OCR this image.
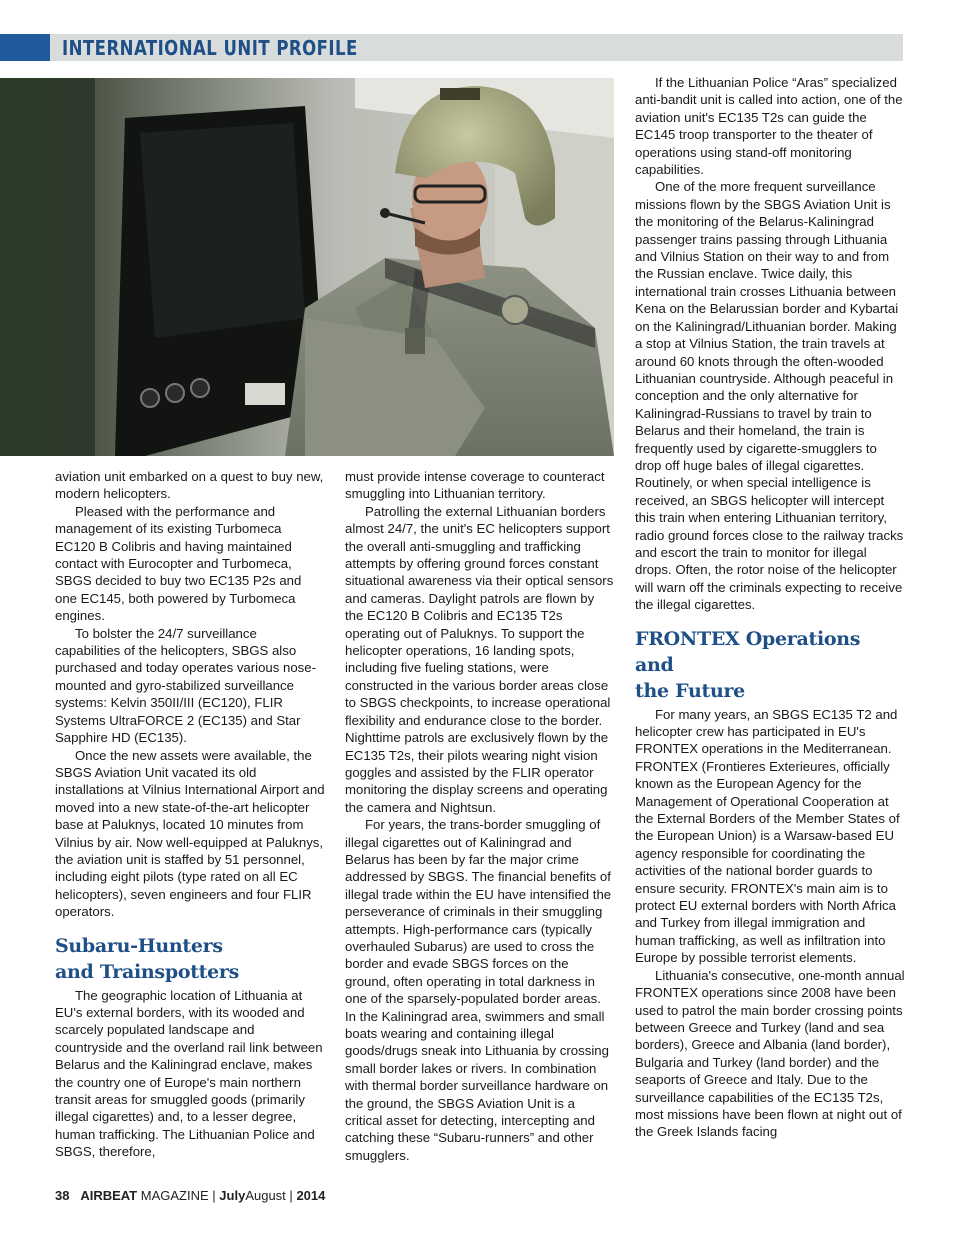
INTERNATIONAL UNIT PROFILE

aviation unit embarked on a quest to buy new, modern helicopters.

Pleased with the performance and management of its existing Turbomeca EC120 B Colibris and having maintained contact with Eurocopter and Turbomeca, SBGS decided to buy two EC135 P2s and one EC145, both powered by Turbomeca engines.

To bolster the 24/7 surveillance capabilities of the helicopters, SBGS also purchased and today operates various nose-mounted and gyro-stabilized surveillance systems: Kelvin 350II/III (EC120), FLIR Systems UltraFORCE 2 (EC135) and Star Sapphire HD (EC135).

Once the new assets were available, the SBGS Aviation Unit vacated its old installations at Vilnius International Airport and moved into a new state-of-the-art helicopter base at Paluknys, located 10 minutes from Vilnius by air. Now well-equipped at Paluknys, the aviation unit is staffed by 51 personnel, including eight pilots (type rated on all EC helicopters), seven engineers and four FLIR operators.

Subaru-Hunters
and Trainspotters

The geographic location of Lithuania at EU's external borders, with its wooded and scarcely populated landscape and countryside and the overland rail link between Belarus and the Kaliningrad enclave, makes the country one of Europe's main northern transit areas for smuggled goods (primarily illegal cigarettes) and, to a lesser degree, human trafficking. The Lithuanian Police and SBGS, therefore,

must provide intense coverage to counteract smuggling into Lithuanian territory.

Patrolling the external Lithuanian borders almost 24/7, the unit's EC helicopters support the overall anti-smuggling and trafficking attempts by offering ground forces constant situational awareness via their optical sensors and cameras. Daylight patrols are flown by the EC120 B Colibris and EC135 T2s operating out of Paluknys. To support the helicopter operations, 16 landing spots, including five fueling stations, were constructed in the various border areas close to SBGS checkpoints, to increase operational flexibility and endurance close to the border. Nighttime patrols are exclusively flown by the EC135 T2s, their pilots wearing night vision goggles and assisted by the FLIR operator monitoring the display screens and operating the camera and Nightsun.

For years, the trans-border smuggling of illegal cigarettes out of Kaliningrad and Belarus has been by far the major crime addressed by SBGS. The financial benefits of illegal trade within the EU have intensified the perseverance of criminals in their smuggling attempts. High-performance cars (typically overhauled Subarus) are used to cross the border and evade SBGS forces on the ground, often operating in total darkness in one of the sparsely-populated border areas. In the Kaliningrad area, swimmers and small boats wearing and containing illegal goods/drugs sneak into Lithuania by crossing small border lakes or rivers. In combination with thermal border surveillance hardware on the ground, the SBGS Aviation Unit is a critical asset for detecting, intercepting and catching these “Subaru-runners” and other smugglers.

If the Lithuanian Police “Aras” specialized anti-bandit unit is called into action, one of the aviation unit's EC135 T2s can guide the EC145 troop transporter to the theater of operations using stand-off monitoring capabilities.

One of the more frequent surveillance missions flown by the SBGS Aviation Unit is the monitoring of the Belarus-Kaliningrad passenger trains passing through Lithuania and Vilnius Station on their way to and from the Russian enclave. Twice daily, this international train crosses Lithuania between Kena on the Belarussian border and Kybartai on the Kaliningrad/Lithuanian border. Making a stop at Vilnius Station, the train travels at around 60 knots through the often-wooded Lithuanian countryside. Although peaceful in conception and the only alternative for Kaliningrad-Russians to travel by train to Belarus and their homeland, the train is frequently used by cigarette-smugglers to drop off huge bales of illegal cigarettes. Routinely, or when special intelligence is received, an SBGS helicopter will intercept this train when entering Lithuanian territory, radio ground forces close to the railway tracks and escort the train to monitor for illegal drops. Often, the rotor noise of the helicopter will warn off the criminals expecting to receive the illegal cigarettes.

FRONTEX Operations and
the Future

For many years, an SBGS EC135 T2 and helicopter crew has participated in EU's FRONTEX operations in the Mediterranean. FRONTEX (Frontieres Exterieures, officially known as the European Agency for the Management of Operational Cooperation at the External Borders of the Member States of the European Union) is a Warsaw-based EU agency responsible for coordinating the activities of the national border guards to ensure security. FRONTEX's main aim is to protect EU external borders with North Africa and Turkey from illegal immigration and human trafficking, as well as infiltration into Europe by possible terrorist elements.

Lithuania's consecutive, one-month annual FRONTEX operations since 2008 have been used to patrol the main border crossing points between Greece and Turkey (land and sea borders), Greece and Albania (land border), Bulgaria and Turkey (land border) and the seaports of Greece and Italy. Due to the surveillance capabilities of the EC135 T2s, most missions have been flown at night out of the Greek Islands facing

38 AIRBEAT MAGAZINE | JulyAugust | 2014
